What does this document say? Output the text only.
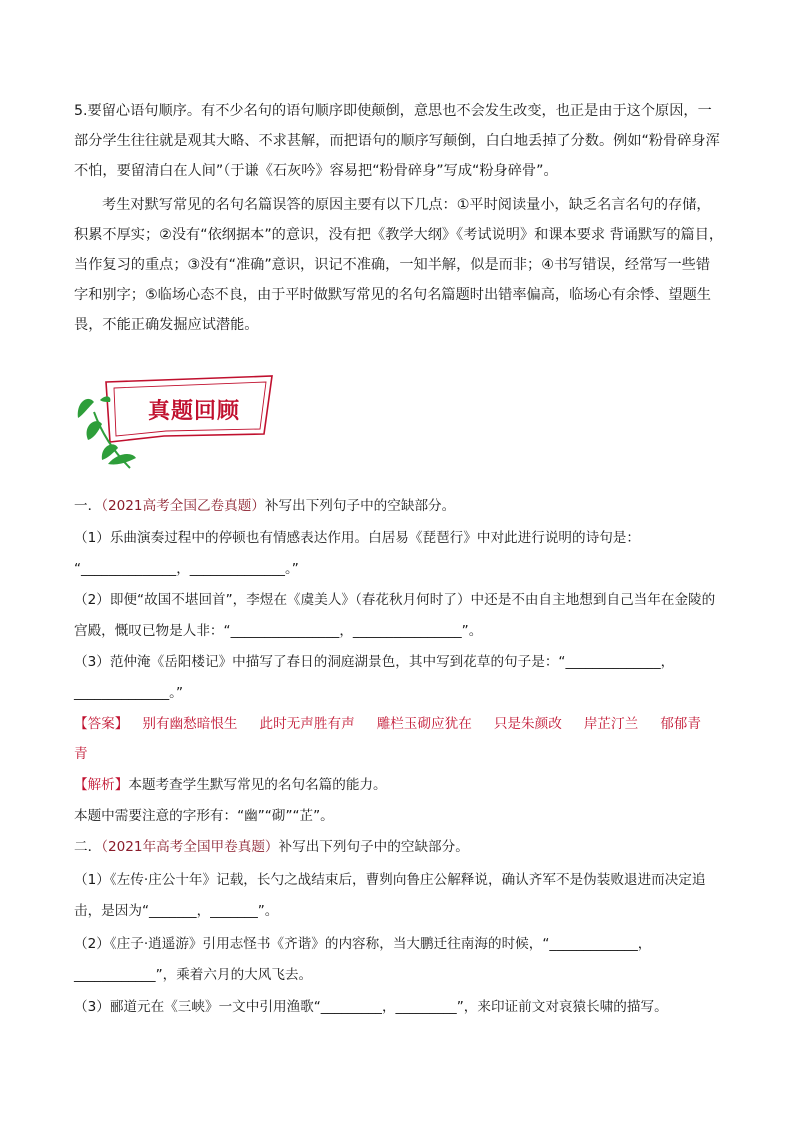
5.要留心语句顺序。有不少名句的语句顺序即使颠倒，意思也不会发生改变，也正是由于这个原因，一部分学生往往就是观其大略、不求甚解，而把语句的顺序写颠倒，白白地丢掉了分数。例如“粉骨碎身浑不怕，要留清白在人间”（于谦《石灰吟》容易把“粉骨碎身”写成“粉身碎骨”。

考生对默写常见的名句名篇误答的原因主要有以下几点：①平时阅读量小，缺乏名言名句的存储，积累不厚实；②没有“依纲据本”的意识，没有把《教学大纲》《考试说明》和课本要求 背诵默写的篇目，当作复习的重点；③没有“准确”意识，识记不准确，一知半解，似是而非；④书写错误，经常写一些错字和别字；⑤临场心态不良，由于平时做默写常见的名句名篇题时出错率偏高，临场心有余悸、望题生畏，不能正确发掘应试潜能。

真题回顾
一．（2021高考全国乙卷真题）补写出下列句子中的空缺部分。
（1）乐曲演奏过程中的停顿也有情感表达作用。白居易《琵琶行》中对此进行说明的诗句是：
“______________，______________。”
（2）即便“故国不堪回首”，李煜在《虞美人》（春花秋月何时了）中还是不由自主地想到自己当年在金陵的
宫殿，慨叹已物是人非：“________________，________________”。
（3）范仲淹《岳阳楼记》中描写了春日的洞庭湖景色，其中写到花草的句子是：“______________，
______________。”
【答案】 别有幽愁暗恨生 此时无声胜有声 雕栏玉砌应犹在 只是朱颜改 岸芷汀兰 郁郁青
青
【解析】本题考查学生默写常见的名句名篇的能力。
本题中需要注意的字形有：“幽”“砌”“芷”。
二．（2021年高考全国甲卷真题）补写出下列句子中的空缺部分。
（1）《左传·庄公十年》记载，长勺之战结束后，曹刿向鲁庄公解释说，确认齐军不是伪装败退进而决定追
击，是因为“_______，_______”。
（2）《庄子·逍遥游》引用志怪书《齐谐》的内容称，当大鹏迁往南海的时候，“_____________，
____________”，乘着六月的大风飞去。
（3）郦道元在《三峡》一文中引用渔歌“_________，_________”，来印证前文对哀猿长啸的描写。
